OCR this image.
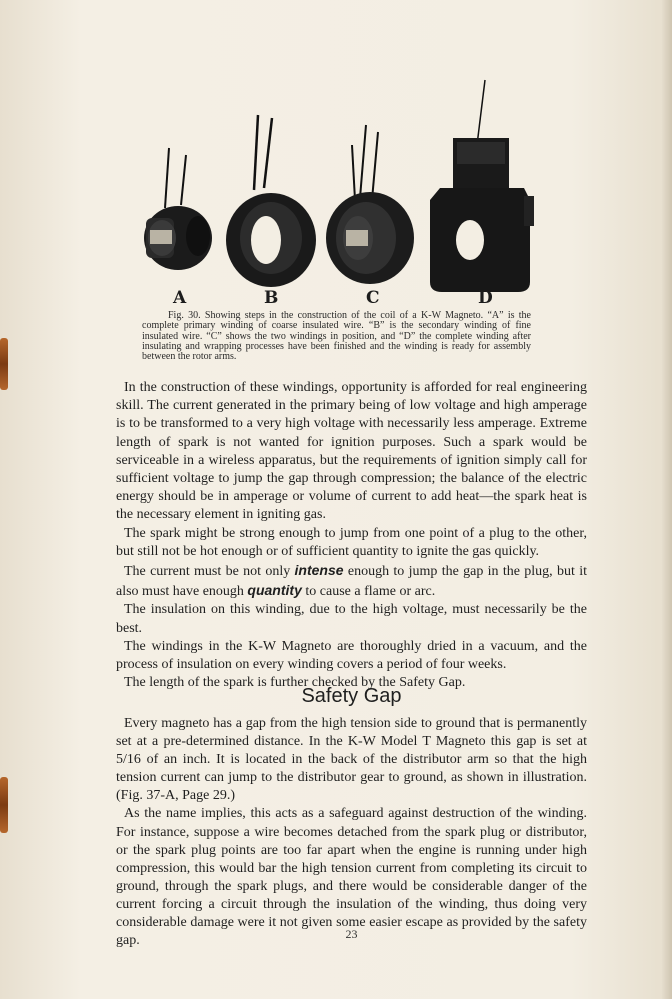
A	B	C	D

Fig. 30. Showing steps in the construction of the coil of a K-W Magneto. “A” is the complete primary winding of coarse insulated wire. “B” is the secondary winding of fine insulated wire. “C” shows the two windings in position, and “D” the complete winding after insulating and wrapping processes have been finished and the winding is ready for assembly between the rotor arms.

In the construction of these windings, opportunity is afforded for real engineering skill. The current generated in the primary being of low voltage and high amperage is to be transformed to a very high voltage with necessarily less amperage. Extreme length of spark is not wanted for ignition purposes. Such a spark would be serviceable in a wireless apparatus, but the requirements of ignition simply call for sufficient voltage to jump the gap through compression; the balance of the electric energy should be in amperage or volume of current to add heat—the spark heat is the necessary element in igniting gas.

The spark might be strong enough to jump from one point of a plug to the other, but still not be hot enough or of sufficient quantity to ignite the gas quickly.

The current must be not only intense enough to jump the gap in the plug, but it also must have enough quantity to cause a flame or arc.

The insulation on this winding, due to the high voltage, must necessarily be the best.

The windings in the K-W Magneto are thoroughly dried in a vacuum, and the process of insulation on every winding covers a period of four weeks.

The length of the spark is further checked by the Safety Gap.

Safety Gap

Every magneto has a gap from the high tension side to ground that is permanently set at a pre-determined distance. In the K-W Model T Magneto this gap is set at 5/16 of an inch. It is located in the back of the distributor arm so that the high tension current can jump to the distributor gear to ground, as shown in illustration. (Fig. 37-A, Page 29.)

As the name implies, this acts as a safeguard against destruction of the winding. For instance, suppose a wire becomes detached from the spark plug or distributor, or the spark plug points are too far apart when the engine is running under high compression, this would bar the high tension current from completing its circuit to ground, through the spark plugs, and there would be considerable danger of the current forcing a circuit through the insulation of the winding, thus doing very considerable damage were it not given some easier escape as provided by the safety gap.	23
